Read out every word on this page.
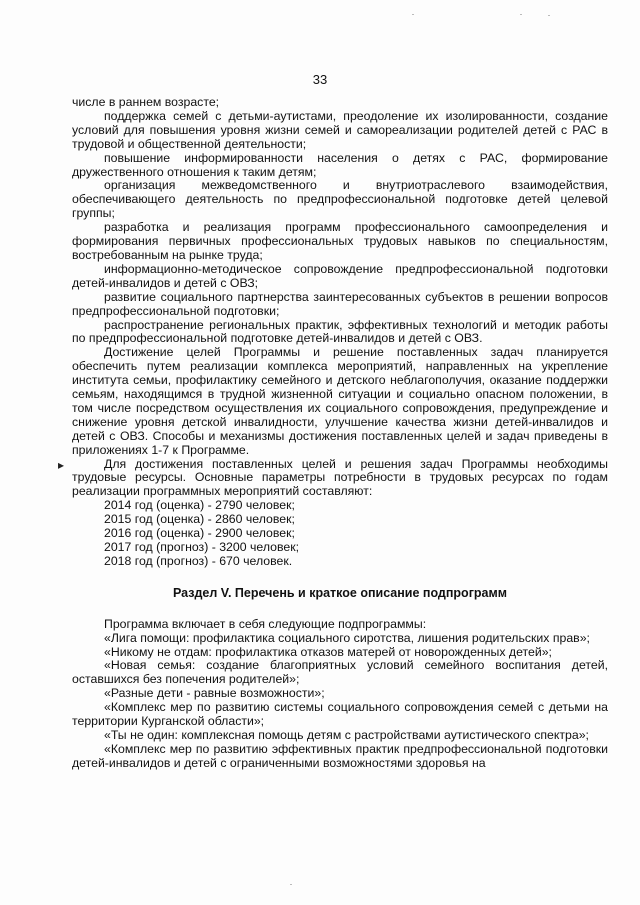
33
▸

числе в раннем возрасте;

поддержка семей с детьми-аутистами, преодоление их изолированности, создание условий для повышения уровня жизни семей и самореализации родителей детей с РАС в трудовой и общественной деятельности;

повышение информированности населения о детях с РАС, формирование дружественного отношения к таким детям;

организация межведомственного и внутриотраслевого взаимодействия, обеспечивающего деятельность по предпрофессиональной подготовке детей целевой группы;

разработка и реализация программ профессионального самоопределения и формирования первичных профессиональных трудовых навыков по специальностям, востребованным на рынке труда;

информационно-методическое сопровождение предпрофессиональной подготовки детей-инвалидов и детей с ОВЗ;

развитие социального партнерства заинтересованных субъектов в решении вопросов предпрофессиональной подготовки;

распространение региональных практик, эффективных технологий и методик работы по предпрофессиональной подготовке детей-инвалидов и детей с ОВЗ.

Достижение целей Программы и решение поставленных задач планируется обеспечить путем реализации комплекса мероприятий, направленных на укрепление института семьи, профилактику семейного и детского неблагополучия, оказание поддержки семьям, находящимся в трудной жизненной ситуации и социально опасном положении, в том числе посредством осуществления их социального сопровождения, предупреждение и снижение уровня детской инвалидности, улучшение качества жизни детей-инвалидов и детей с ОВЗ. Способы и механизмы достижения поставленных целей и задач приведены в приложениях 1-7 к Программе.

Для достижения поставленных целей и решения задач Программы необходимы трудовые ресурсы. Основные параметры потребности в трудовых ресурсах по годам реализации программных мероприятий составляют:

2014 год (оценка) - 2790 человек;

2015 год (оценка) - 2860 человек;

2016 год (оценка) - 2900 человек;

2017 год (прогноз) - 3200 человек;

2018 год (прогноз) - 670 человек.

Раздел V. Перечень и краткое описание подпрограмм

Программа включает в себя следующие подпрограммы:

«Лига помощи: профилактика социального сиротства, лишения родительских прав»;

«Никому не отдам: профилактика отказов матерей от новорожденных детей»;

«Новая семья: создание благоприятных условий семейного воспитания детей, оставшихся без попечения родителей»;

«Разные дети - равные возможности»;

«Комплекс мер по развитию системы социального сопровождения семей с детьми на территории Курганской области»;

«Ты не один: комплексная помощь детям с растройствами аутистического спектра»;

«Комплекс мер по развитию эффективных практик предпрофессиональной подготовки детей-инвалидов и детей с ограниченными возможностями здоровья на
